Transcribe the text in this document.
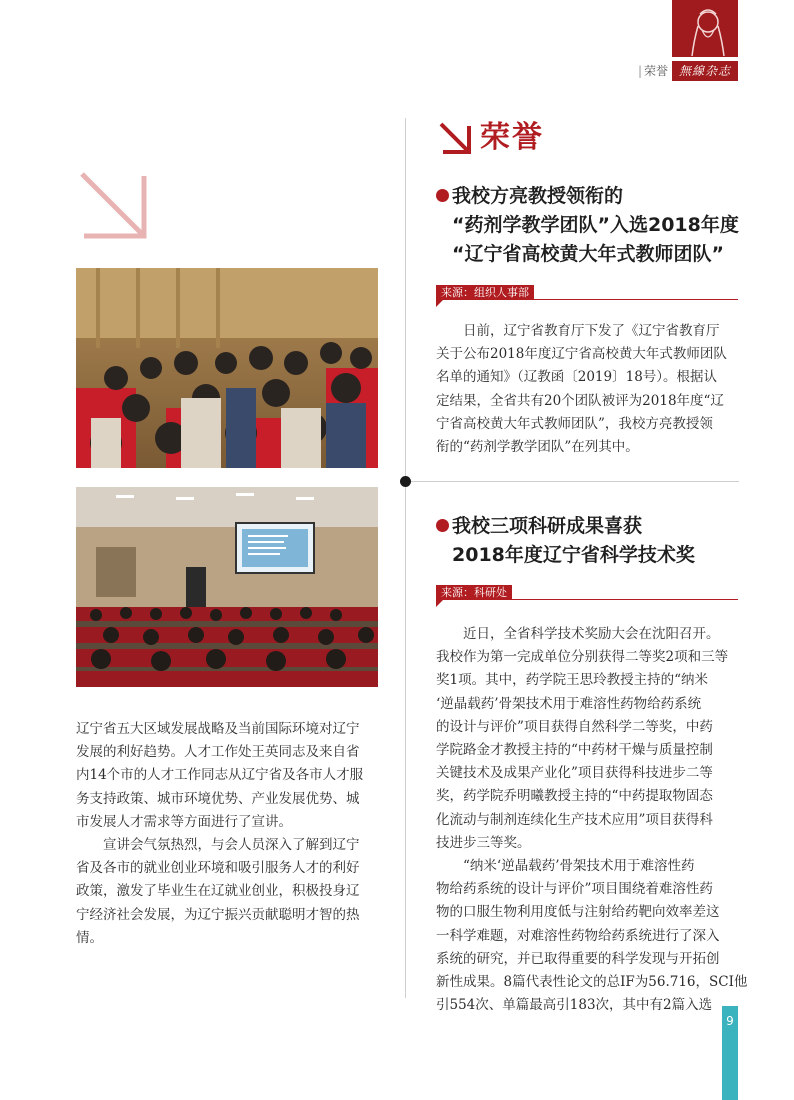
| 荣誉 無線杂志
荣誉
辽宁省五大区域发展战略及当前国际环境对辽宁
发展的利好趋势。人才工作处王英同志及来自省
内14个市的人才工作同志从辽宁省及各市人才服
务支持政策、城市环境优势、产业发展优势、城
市发展人才需求等方面进行了宣讲。
宣讲会气氛热烈，与会人员深入了解到辽宁
省及各市的就业创业环境和吸引服务人才的利好
政策，激发了毕业生在辽就业创业，积极投身辽
宁经济社会发展，为辽宁振兴贡献聪明才智的热
情。
我校方亮教授领衔的
“药剂学教学团队”入选2018年度
“辽宁省高校黄大年式教师团队”
来源：组织人事部
日前，辽宁省教育厅下发了《辽宁省教育厅
关于公布2018年度辽宁省高校黄大年式教师团队
名单的通知》（辽教函〔2019〕18号）。根据认
定结果，全省共有20个团队被评为2018年度“辽
宁省高校黄大年式教师团队”，我校方亮教授领
衔的“药剂学教学团队”在列其中。
我校三项科研成果喜获
2018年度辽宁省科学技术奖
来源：科研处
近日，全省科学技术奖励大会在沈阳召开。
我校作为第一完成单位分别获得二等奖2项和三等
奖1项。其中，药学院王思玲教授主持的“纳米
‘逆晶载药’骨架技术用于难溶性药物给药系统
的设计与评价”项目获得自然科学二等奖，中药
学院路金才教授主持的“中药材干燥与质量控制
关键技术及成果产业化”项目获得科技进步二等
奖，药学院乔明曦教授主持的“中药提取物固态
化流动与制剂连续化生产技术应用”项目获得科
技进步三等奖。
“纳米‘逆晶载药’骨架技术用于难溶性药
物给药系统的设计与评价”项目围绕着难溶性药
物的口服生物利用度低与注射给药靶向效率差这
一科学难题，对难溶性药物给药系统进行了深入
系统的研究，并已取得重要的科学发现与开拓创
新性成果。8篇代表性论文的总IF为56.716，SCI他
引554次、单篇最高引183次，其中有2篇入选
9
